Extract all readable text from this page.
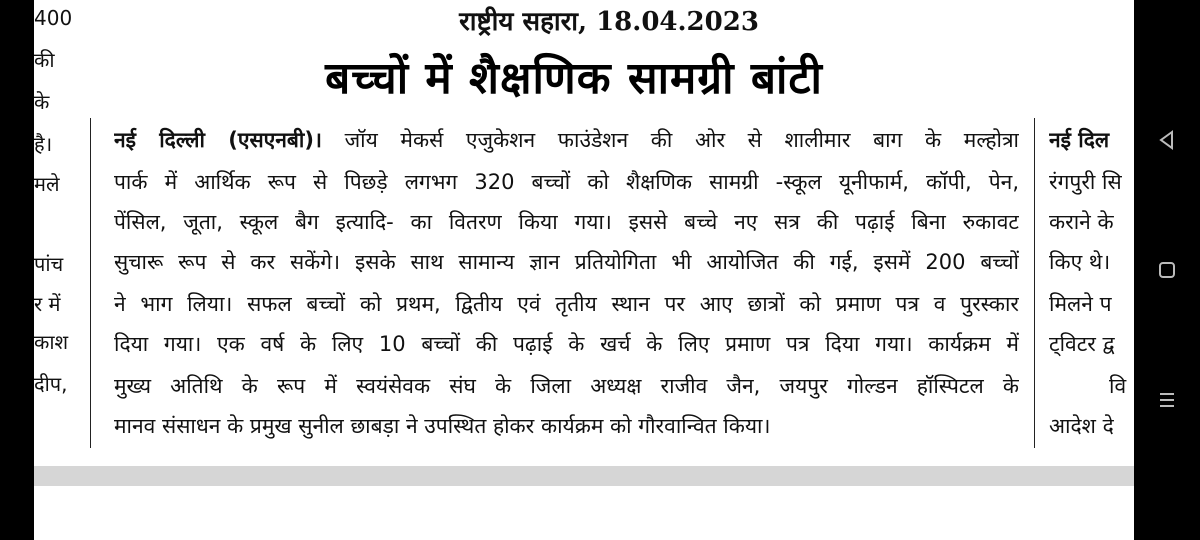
400
की
के
है।
मले
पांच
र में
काश
दीप,
राष्ट्रीय सहारा, 18.04.2023
बच्चों में शैक्षणिक सामग्री बांटी
नई दिल्ली (एसएनबी)। जॉय मेकर्स एजुकेशन फाउंडेशन की ओर से शालीमार बाग के मल्होत्रा
पार्क में आर्थिक रूप से पिछड़े लगभग 320 बच्चों को शैक्षणिक सामग्री -स्कूल यूनीफार्म, कॉपी, पेन,
पेंसिल, जूता, स्कूल बैग इत्यादि- का वितरण किया गया। इससे बच्चे नए सत्र की पढ़ाई बिना रुकावट
सुचारू रूप से कर सकेंगे। इसके साथ सामान्य ज्ञान प्रतियोगिता भी आयोजित की गई, इसमें 200 बच्चों
ने भाग लिया। सफल बच्चों को प्रथम, द्वितीय एवं तृतीय स्थान पर आए छात्रों को प्रमाण पत्र व पुरस्कार
दिया गया। एक वर्ष के लिए 10 बच्चों की पढ़ाई के खर्च के लिए प्रमाण पत्र दिया गया। कार्यक्रम में
मुख्य अतिथि के रूप में स्वयंसेवक संघ के जिला अध्यक्ष राजीव जैन, जयपुर गोल्डन हॉस्पिटल के
मानव संसाधन के प्रमुख सुनील छाबड़ा ने उपस्थित होकर कार्यक्रम को गौरवान्वित किया।
नई दिल
रंगपुरी सि
कराने के
किए थे।
मिलने प
ट्विटर द्व
वि
आदेश दे
